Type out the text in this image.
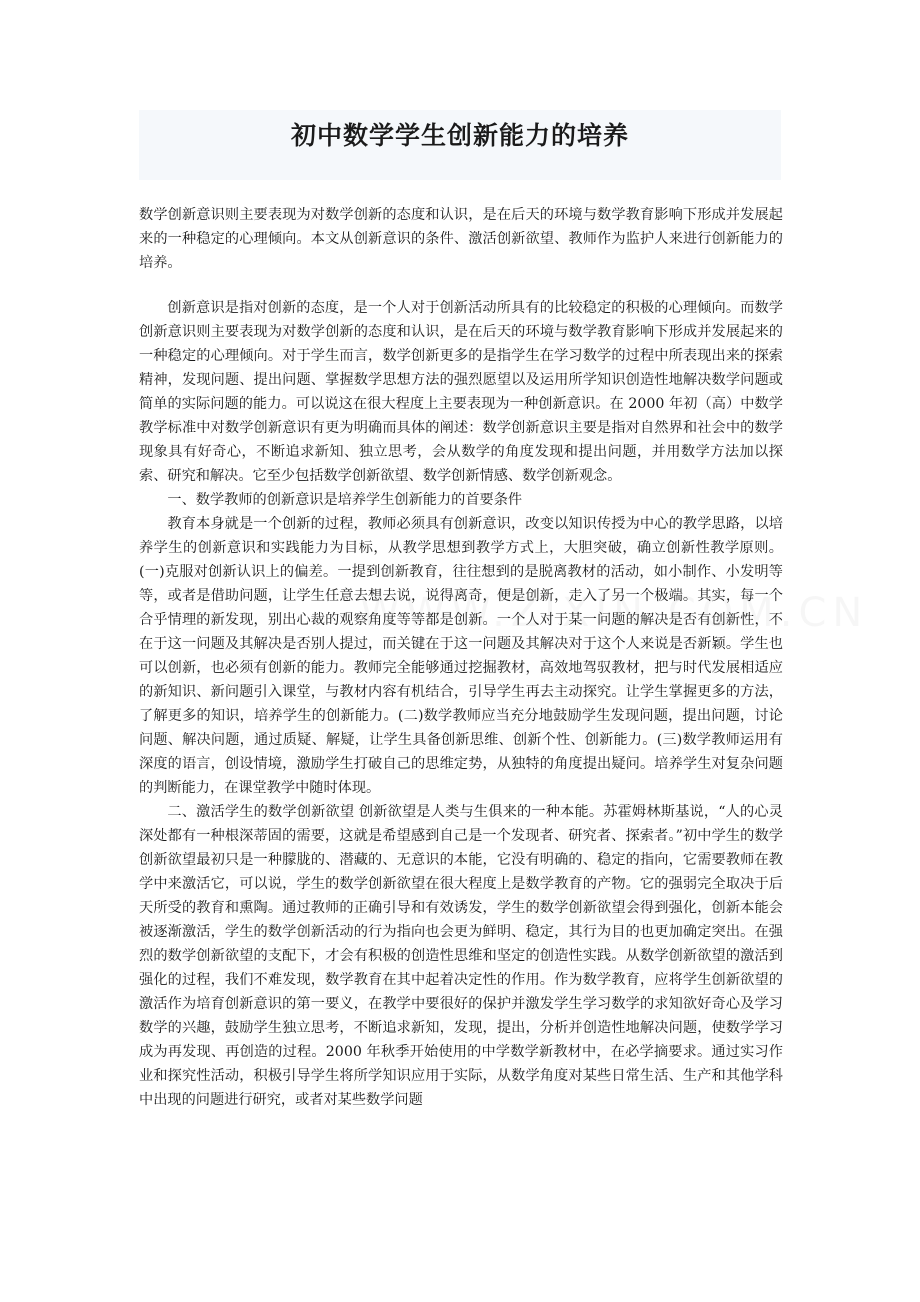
初中数学学生创新能力的培养

数学创新意识则主要表现为对数学创新的态度和认识，是在后天的环境与数学教育影响下形成并发展起来的一种稳定的心理倾向。本文从创新意识的条件、激活创新欲望、教师作为监护人来进行创新能力的培养。

创新意识是指对创新的态度，是一个人对于创新活动所具有的比较稳定的积极的心理倾向。而数学创新意识则主要表现为对数学创新的态度和认识，是在后天的环境与数学教育影响下形成并发展起来的一种稳定的心理倾向。对于学生而言，数学创新更多的是指学生在学习数学的过程中所表现出来的探索精神，发现问题、提出问题、掌握数学思想方法的强烈愿望以及运用所学知识创造性地解决数学问题或简单的实际问题的能力。可以说这在很大程度上主要表现为一种创新意识。在 2000 年初（高）中数学教学标准中对数学创新意识有更为明确而具体的阐述：数学创新意识主要是指对自然界和社会中的数学现象具有好奇心，不断追求新知、独立思考，会从数学的角度发现和提出问题，并用数学方法加以探索、研究和解决。它至少包括数学创新欲望、数学创新情感、数学创新观念。

一、数学教师的创新意识是培养学生创新能力的首要条件

教育本身就是一个创新的过程，教师必须具有创新意识，改变以知识传授为中心的教学思路，以培养学生的创新意识和实践能力为目标，从教学思想到教学方式上，大胆突破，确立创新性教学原则。(一)克服对创新认识上的偏差。一提到创新教育，往往想到的是脱离教材的活动，如小制作、小发明等等，或者是借助问题，让学生任意去想去说，说得离奇，便是创新，走入了另一个极端。其实，每一个合乎情理的新发现，别出心裁的观察角度等等都是创新。一个人对于某一问题的解决是否有创新性，不在于这一问题及其解决是否别人提过，而关键在于这一问题及其解决对于这个人来说是否新颖。学生也可以创新，也必须有创新的能力。教师完全能够通过挖掘教材，高效地驾驭教材，把与时代发展相适应的新知识、新问题引入课堂，与教材内容有机结合，引导学生再去主动探究。让学生掌握更多的方法，了解更多的知识，培养学生的创新能力。(二)数学教师应当充分地鼓励学生发现问题，提出问题，讨论问题、解决问题，通过质疑、解疑，让学生具备创新思维、创新个性、创新能力。(三)数学教师运用有深度的语言，创设情境，激励学生打破自己的思维定势，从独特的角度提出疑问。培养学生对复杂问题的判断能力，在课堂教学中随时体现。

二、激活学生的数学创新欲望 创新欲望是人类与生俱来的一种本能。苏霍姆林斯基说，“人的心灵深处都有一种根深蒂固的需要，这就是希望感到自己是一个发现者、研究者、探索者。”初中学生的数学创新欲望最初只是一种朦胧的、潜藏的、无意识的本能，它没有明确的、稳定的指向，它需要教师在教学中来激活它，可以说，学生的数学创新欲望在很大程度上是数学教育的产物。它的强弱完全取决于后天所受的教育和熏陶。通过教师的正确引导和有效诱发，学生的数学创新欲望会得到强化，创新本能会被逐渐激活，学生的数学创新活动的行为指向也会更为鲜明、稳定，其行为目的也更加确定突出。在强烈的数学创新欲望的支配下，才会有积极的创造性思维和坚定的创造性实践。从数学创新欲望的激活到强化的过程，我们不难发现，数学教育在其中起着决定性的作用。作为数学教育，应将学生创新欲望的激活作为培育创新意识的第一要义，在教学中要很好的保护并激发学生学习数学的求知欲好奇心及学习数学的兴趣，鼓励学生独立思考，不断追求新知，发现，提出，分析并创造性地解决问题，使数学学习成为再发现、再创造的过程。2000 年秋季开始使用的中学数学新教材中，在必学摘要求。通过实习作业和探究性活动，积极引导学生将所学知识应用于实际，从数学角度对某些日常生活、生产和其他学科中出现的问题进行研究，或者对某些数学问题
